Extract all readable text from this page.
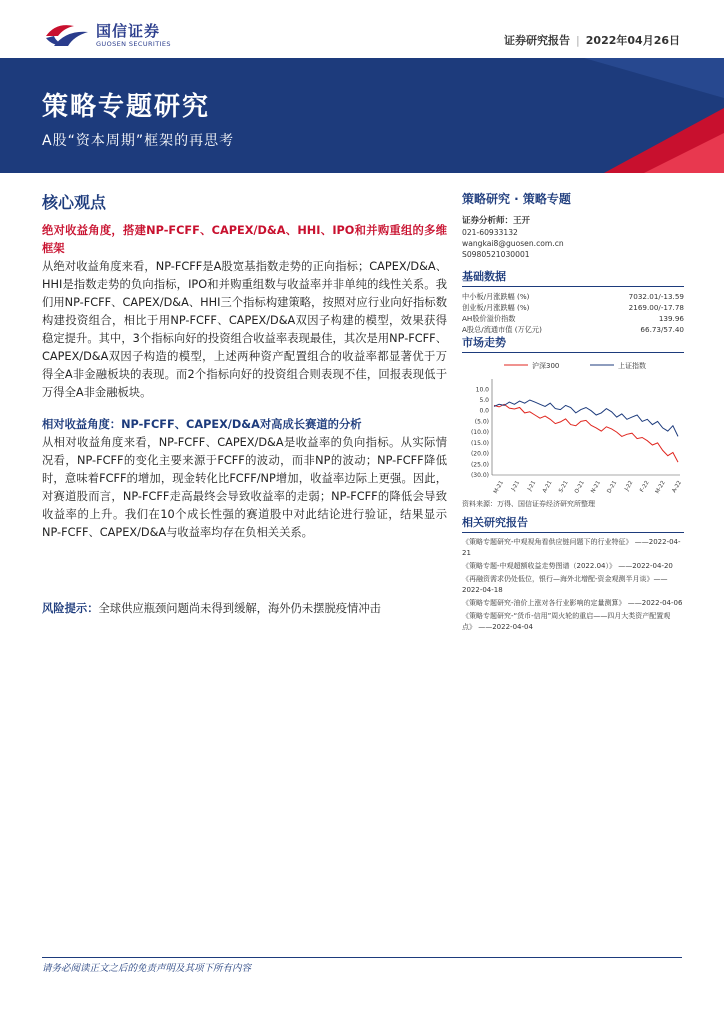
国信证券
GUOSEN SECURITIES	证券研究报告 | 2022年04月26日
策略专题研究
A股“资本周期”框架的再思考
核心观点
绝对收益角度，搭建NP-FCFF、CAPEX/D&A、HHI、IPO和并购重组的多维框架
从绝对收益角度来看，NP-FCFF是A股宽基指数走势的正向指标；CAPEX/D&A、HHI是指数走势的负向指标，IPO和并购重组数与收益率并非单纯的线性关系。我们用NP-FCFF、CAPEX/D&A、HHI三个指标构建策略，按照对应行业向好指标数构建投资组合，相比于用NP-FCFF、CAPEX/D&A双因子构建的模型，效果获得稳定提升。其中，3个指标向好的投资组合收益率表现最佳，其次是用NP-FCFF、CAPEX/D&A双因子构造的模型，上述两种资产配置组合的收益率都显著优于万得全A非金融板块的表现。而2个指标向好的投资组合则表现不佳，回报表现低于万得全A非金融板块。
相对收益角度：NP-FCFF、CAPEX/D&A对高成长赛道的分析
从相对收益角度来看，NP-FCFF、CAPEX/D&A是收益率的负向指标。从实际情况看，NP-FCFF的变化主要来源于FCFF的波动，而非NP的波动；NP-FCFF降低时，意味着FCFF的增加，现金转化比FCFF/NP增加，收益率边际上更强。因此，对赛道股而言，NP-FCFF走高最终会导致收益率的走弱；NP-FCFF的降低会导致收益率的上升。我们在10个成长性强的赛道股中对此结论进行验证，结果显示NP-FCFF、CAPEX/D&A与收益率均存在负相关关系。
风险提示：全球供应瓶颈问题尚未得到缓解，海外仍未摆脱疫情冲击
策略研究 · 策略专题
证券分析师：王开
021-60933132
wangkai8@guosen.com.cn
S0980521030001
基础数据
中小板/月涨跌幅 (%)	7032.01/-13.59
创业板/月涨跌幅 (%)	2169.00/-17.78
AH股价溢价指数	139.96
A股总/流通市值 (万亿元)	66.73/57.40
市场走势
沪深300	上证指数
10.0
5.0
0.0
(5.0)
(10.0)
(15.0)
(20.0)
(25.0)
(30.0)
M-21 J-21 J-21 A-21 S-21 O-21 N-21 D-21 J-22 F-22 M-22 A-22
资料来源：万得、国信证券经济研究所整理
相关研究报告
《策略专题研究-中观视角看供应链问题下的行业特征》 ——2022-04-21
《策略专题-中观超额收益走势图谱（2022.04）》 ——2022-04-20
《再融资需求仍处低位，银行—海外北增配-资金观测半月谈》——2022-04-18
《策略专题研究-油价上涨对各行业影响的定量测算》 ——2022-04-06
《策略专题研究-“货币-信用”周火轮的重启——四月大类资产配置观点》 ——2022-04-04
请务必阅读正文之后的免责声明及其项下所有内容
